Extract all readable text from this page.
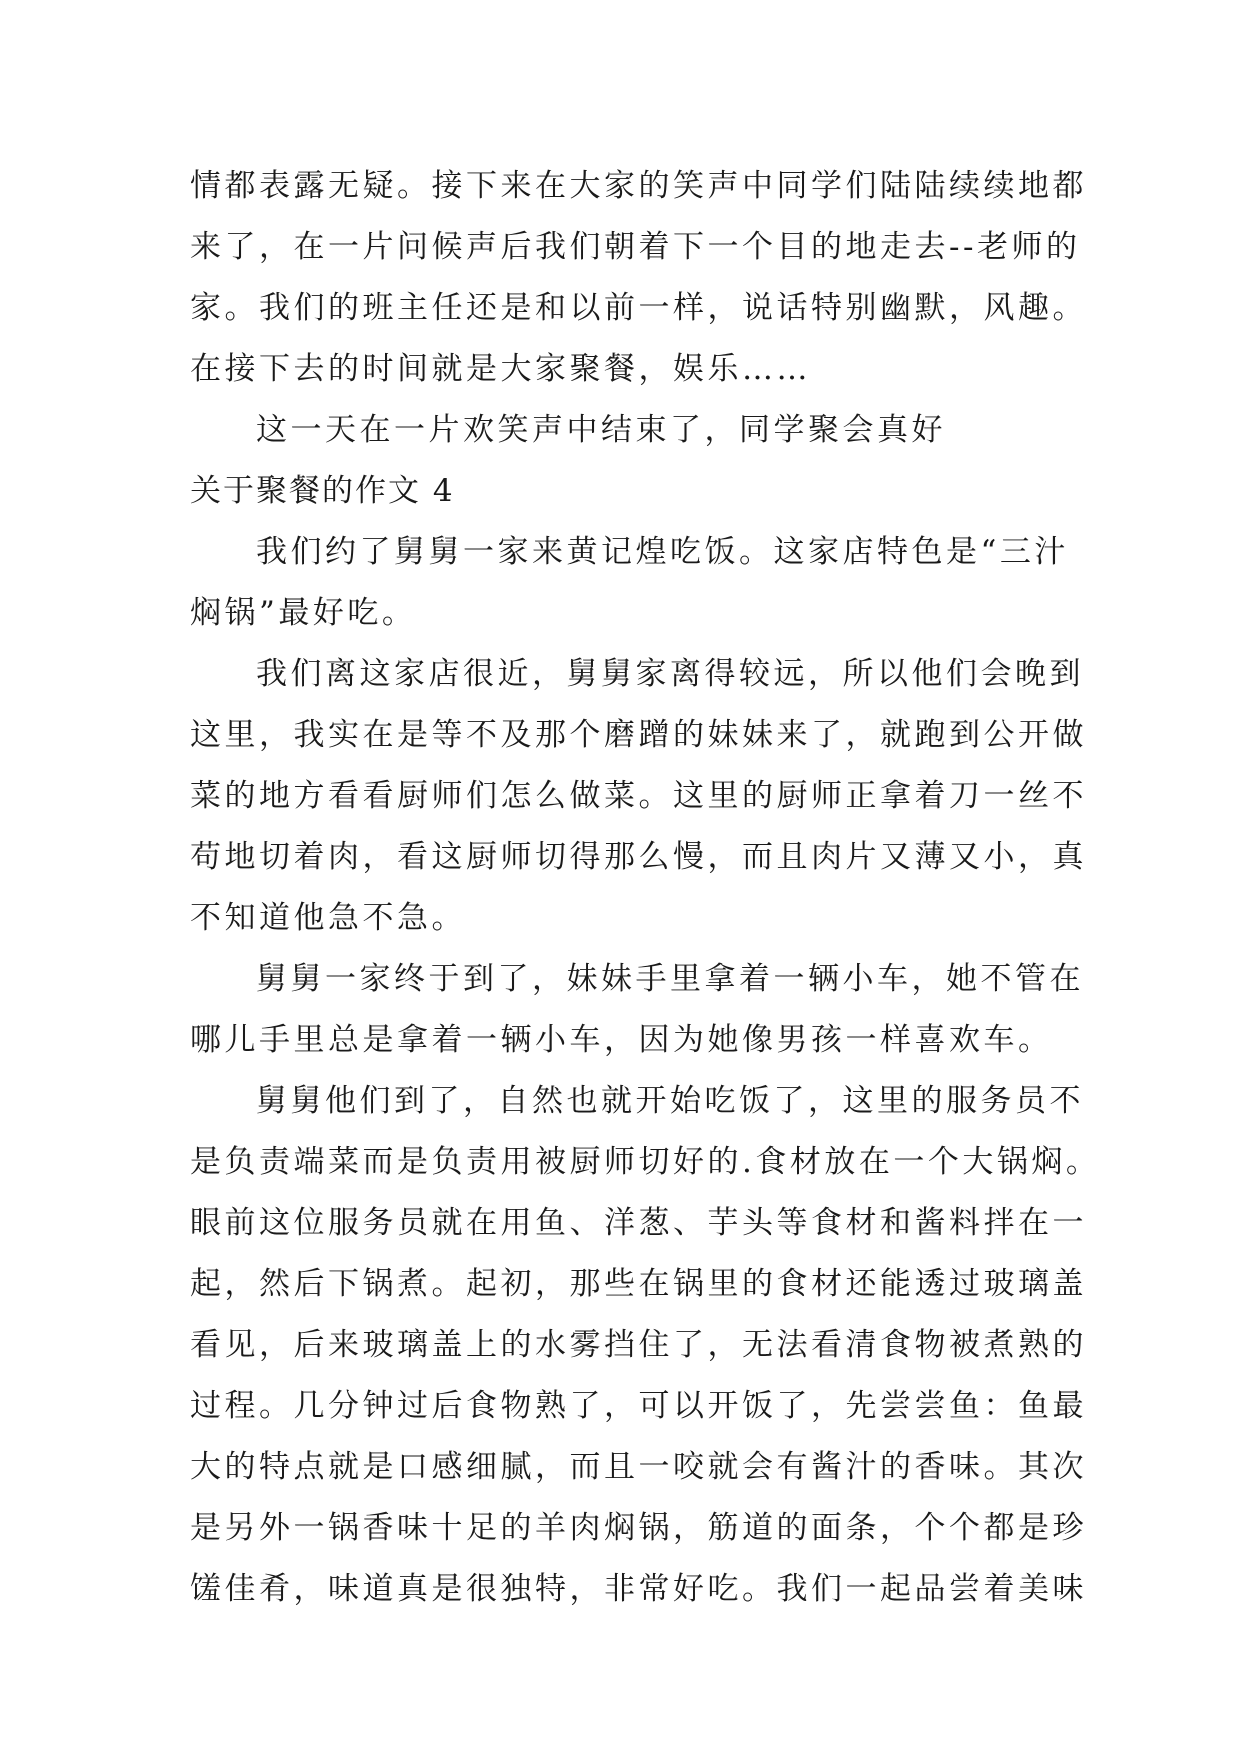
情都表露无疑。接下来在大家的笑声中同学们陆陆续续地都
来了，在一片问候声后我们朝着下一个目的地走去--老师的
家。我们的班主任还是和以前一样，说话特别幽默，风趣。
在接下去的时间就是大家聚餐，娱乐……
这一天在一片欢笑声中结束了，同学聚会真好
关于聚餐的作文 4
我们约了舅舅一家来黄记煌吃饭。这家店特色是“三汁
焖锅”最好吃。
我们离这家店很近，舅舅家离得较远，所以他们会晚到
这里，我实在是等不及那个磨蹭的妹妹来了，就跑到公开做
菜的地方看看厨师们怎么做菜。这里的厨师正拿着刀一丝不
苟地切着肉，看这厨师切得那么慢，而且肉片又薄又小，真
不知道他急不急。
舅舅一家终于到了，妹妹手里拿着一辆小车，她不管在
哪儿手里总是拿着一辆小车，因为她像男孩一样喜欢车。
舅舅他们到了，自然也就开始吃饭了，这里的服务员不
是负责端菜而是负责用被厨师切好的.食材放在一个大锅焖。
眼前这位服务员就在用鱼、洋葱、芋头等食材和酱料拌在一
起，然后下锅煮。起初，那些在锅里的食材还能透过玻璃盖
看见，后来玻璃盖上的水雾挡住了，无法看清食物被煮熟的
过程。几分钟过后食物熟了，可以开饭了，先尝尝鱼：鱼最
大的特点就是口感细腻，而且一咬就会有酱汁的香味。其次
是另外一锅香味十足的羊肉焖锅，筋道的面条，个个都是珍
馐佳肴，味道真是很独特，非常好吃。我们一起品尝着美味
